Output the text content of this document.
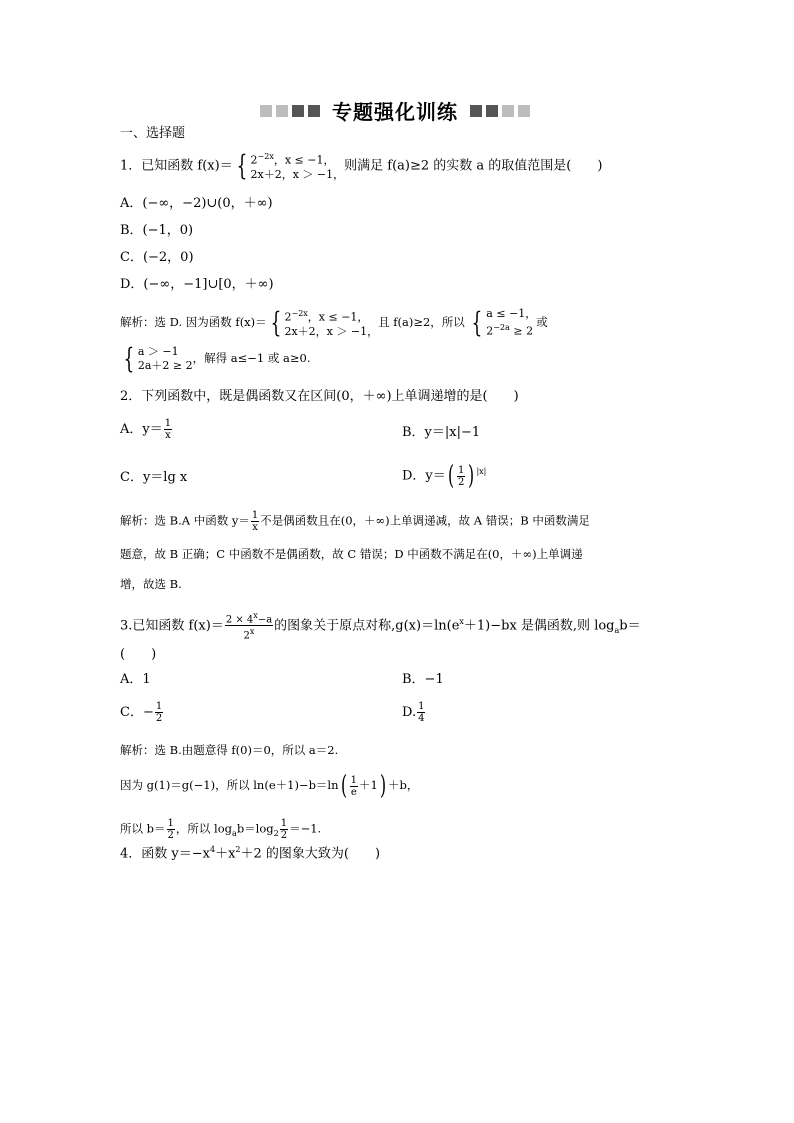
专题强化训练
一、选择题
1．已知函数 f(x)＝ { $2^{-2x}$，x ≤ −1，
2x＋2，x ＞ −1，
则满足 f(a)≥2 的实数 a 的取值范围是(　　)
A．(−∞，−2)∪(0，＋∞)
B．(−1，0)
C．(−2，0)
D．(−∞，−1]∪[0，＋∞)
解析：选 D. 因为函数 f(x)＝ { $2^{-2x}$，x ≤ −1，
2x＋2，x ＞ −1，
且 f(a)≥2，所以 { a ≤ −1，
$2^{-2a} \ge 2$
或
{ a ＞ −1
2a＋2 ≥ 2
，解得 a≤−1 或 a≥0.
2．下列函数中，既是偶函数又在区间(0，＋∞)上单调递增的是(　　)
A．$y= \frac{1}{x}$	B．y＝|x|−1
C．y＝lg x	D．$y=( \frac{1}{2}$ ) $^{|x|}$
解析：选 B.A 中函数 $y= \frac{1}{x}$ 不是偶函数且在(0，＋∞)上单调递减，故 A 错误；B 中函数满足
题意，故 B 正确；C 中函数不是偶函数，故 C 错误；D 中函数不满足在(0，＋∞)上单调递
增，故选 B.
3.已知函数 $f(x)= \frac{2 \times 4^x-a}{2^x}$ 的图象关于原点对称$,g(x)=\ln(e^x+1)-bx$ 是偶函数,则 $\log_ab=$
(　　)
A．1	B．−1
C．− $\frac{1}{2}$	D. $\frac{1}{4}$
解析：选 B.由题意得 f(0)＝0，所以 a＝2.
因为 g(1)＝g(−1)，所以 $\ln(e+1)-b=\ln( \frac{1}{e} +1) +b$，
所以 $b= \frac{1}{2}$ ，所以 $\log_ab=\log_2 \frac{1}{2} =-1$.
4．函数 $y=-x^4+x^2+2$ 的图象大致为(　　)
